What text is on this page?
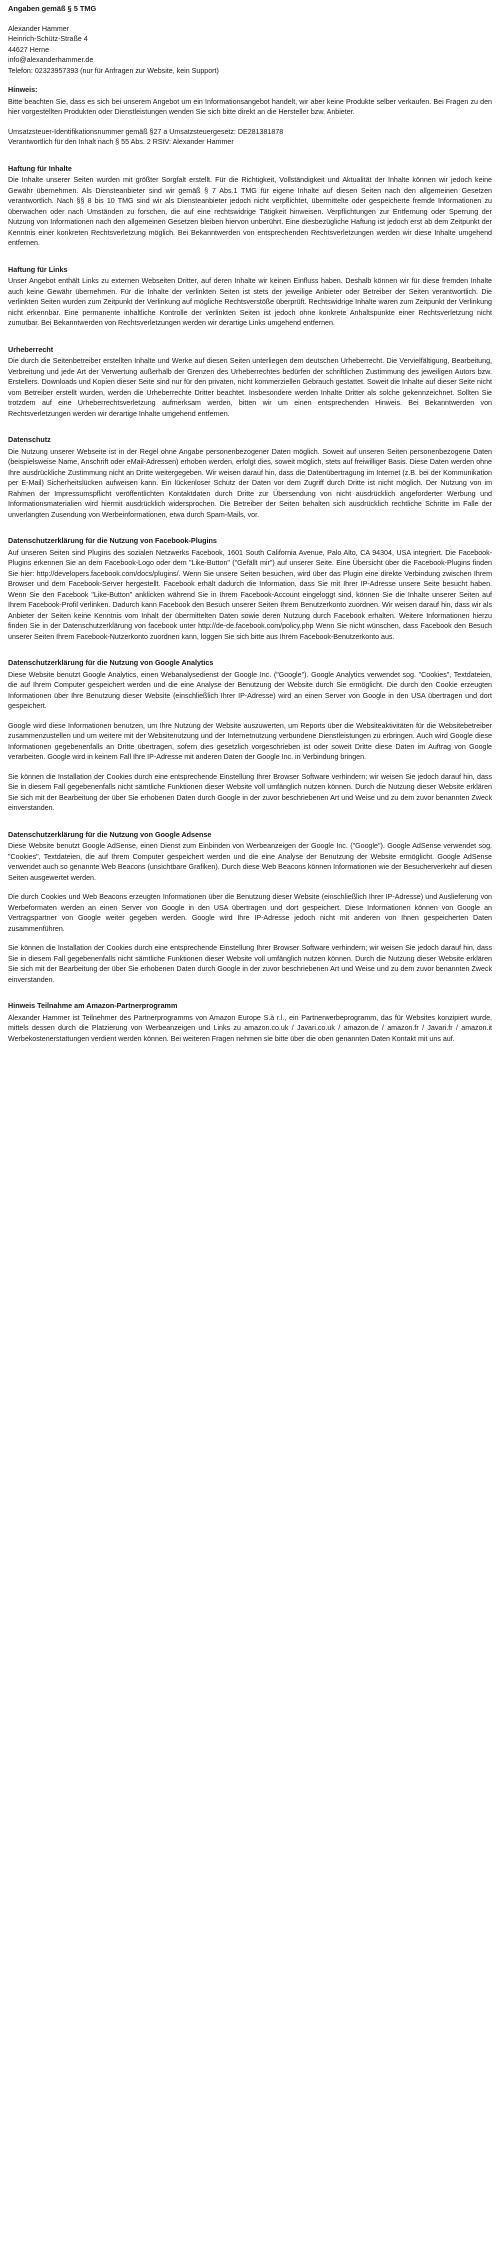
Angaben gemäß § 5 TMG
Alexander Hammer
Heinrich-Schütz-Straße 4
44627 Herne
info@alexanderhammer.de
Telefon: 02323957393 (nur für Anfragen zur Website, kein Support)
Hinweis:
Bitte beachten Sie, dass es sich bei unserem Angebot um ein Informationsangebot handelt, wir aber keine Produkte selber verkaufen. Bei Fragen zu den hier vorgestellten Produkten oder Dienstleistungen wenden Sie sich bitte direkt an die Hersteller bzw. Anbieter.
Umsatzsteuer-Identifikationsnummer gemäß §27 a Umsatzsteuergesetz: DE281381878
Verantwortlich für den Inhalt nach § 55 Abs. 2 RStV: Alexander Hammer
Haftung für Inhalte
Die Inhalte unserer Seiten wurden mit größter Sorgfalt erstellt. Für die Richtigkeit, Vollständigkeit und Aktualität der Inhalte können wir jedoch keine Gewähr übernehmen. Als Diensteanbieter sind wir gemäß § 7 Abs.1 TMG für eigene Inhalte auf diesen Seiten nach den allgemeinen Gesetzen verantwortlich. Nach §§ 8 bis 10 TMG sind wir als Diensteanbieter jedoch nicht verpflichtet, übermittelte oder gespeicherte fremde Informationen zu überwachen oder nach Umständen zu forschen, die auf eine rechtswidrige Tätigkeit hinweisen. Verpflichtungen zur Entfernung oder Sperrung der Nutzung von Informationen nach den allgemeinen Gesetzen bleiben hiervon unberührt. Eine diesbezügliche Haftung ist jedoch erst ab dem Zeitpunkt der Kenntnis einer konkreten Rechtsverletzung möglich. Bei Bekanntwerden von entsprechenden Rechtsverletzungen werden wir diese Inhalte umgehend entfernen.
Haftung für Links
Unser Angebot enthält Links zu externen Webseiten Dritter, auf deren Inhalte wir keinen Einfluss haben. Deshalb können wir für diese fremden Inhalte auch keine Gewähr übernehmen. Für die Inhalte der verlinkten Seiten ist stets der jeweilige Anbieter oder Betreiber der Seiten verantwortlich. Die verlinkten Seiten wurden zum Zeitpunkt der Verlinkung auf mögliche Rechtsverstöße überprüft. Rechtswidrige Inhalte waren zum Zeitpunkt der Verlinkung nicht erkennbar. Eine permanente inhaltliche Kontrolle der verlinkten Seiten ist jedoch ohne konkrete Anhaltspunkte einer Rechtsverletzung nicht zumutbar. Bei Bekanntwerden von Rechtsverletzungen werden wir derartige Links umgehend entfernen.
Urheberrecht
Die durch die Seitenbetreiber erstellten Inhalte und Werke auf diesen Seiten unterliegen dem deutschen Urheberrecht. Die Vervielfältigung, Bearbeitung, Verbreitung und jede Art der Verwertung außerhalb der Grenzen des Urheberrechtes bedürfen der schriftlichen Zustimmung des jeweiligen Autors bzw. Erstellers. Downloads und Kopien dieser Seite sind nur für den privaten, nicht kommerziellen Gebrauch gestattet. Soweit die Inhalte auf dieser Seite nicht vom Betreiber erstellt wurden, werden die Urheberrechte Dritter beachtet. Insbesondere werden Inhalte Dritter als solche gekennzeichnet. Sollten Sie trotzdem auf eine Urheberrechtsverletzung aufmerksam werden, bitten wir um einen entsprechenden Hinweis. Bei Bekanntwerden von Rechtsverletzungen werden wir derartige Inhalte umgehend entfernen.
Datenschutz
Die Nutzung unserer Webseite ist in der Regel ohne Angabe personenbezogener Daten möglich. Soweit auf unseren Seiten personenbezogene Daten (beispielsweise Name, Anschrift oder eMail-Adressen) erhoben werden, erfolgt dies, soweit möglich, stets auf freiwilliger Basis. Diese Daten werden ohne Ihre ausdrückliche Zustimmung nicht an Dritte weitergegeben. Wir weisen darauf hin, dass die Datenübertragung im Internet (z.B. bei der Kommunikation per E-Mail) Sicherheitslücken aufweisen kann. Ein lückenloser Schutz der Daten vor dem Zugriff durch Dritte ist nicht möglich. Der Nutzung von im Rahmen der Impressumspflicht veröffentlichten Kontaktdaten durch Dritte zur Übersendung von nicht ausdrücklich angeforderter Werbung und Informationsmaterialien wird hiermit ausdrücklich widersprochen. Die Betreiber der Seiten behalten sich ausdrücklich rechtliche Schritte im Falle der unverlangten Zusendung von Werbeinformationen, etwa durch Spam-Mails, vor.
Datenschutzerklärung für die Nutzung von Facebook-Plugins
Auf unseren Seiten sind Plugins des sozialen Netzwerks Facebook, 1601 South California Avenue, Palo Alto, CA 94304, USA integriert. Die Facebook-Plugins erkennen Sie an dem Facebook-Logo oder dem "Like-Button" ("Gefällt mir") auf unserer Seite. Eine Übersicht über die Facebook-Plugins finden Sie hier: http://developers.facebook.com/docs/plugins/. Wenn Sie unsere Seiten besuchen, wird über das Plugin eine direkte Verbindung zwischen Ihrem Browser und dem Facebook-Server hergestellt. Facebook erhält dadurch die Information, dass Sie mit Ihrer IP-Adresse unsere Seite besucht haben. Wenn Sie den Facebook "Like-Button" anklicken während Sie in Ihrem Facebook-Account eingeloggt sind, können Sie die Inhalte unserer Seiten auf Ihrem Facebook-Profil verlinken. Dadurch kann Facebook den Besuch unserer Seiten Ihrem Benutzerkonto zuordnen. Wir weisen darauf hin, dass wir als Anbieter der Seiten keine Kenntnis vom Inhalt der übermittelten Daten sowie deren Nutzung durch Facebook erhalten. Weitere Informationen hierzu finden Sie in der Datenschutzerklärung von facebook unter http://de-de.facebook.com/policy.php Wenn Sie nicht wünschen, dass Facebook den Besuch unserer Seiten Ihrem Facebook-Nutzerkonto zuordnen kann, loggen Sie sich bitte aus Ihrem Facebook-Benutzerkonto aus.
Datenschutzerklärung für die Nutzung von Google Analytics
Diese Website benutzt Google Analytics, einen Webanalysedienst der Google Inc. ("Google"). Google Analytics verwendet sog. "Cookies", Textdateien, die auf Ihrem Computer gespeichert werden und die eine Analyse der Benutzung der Website durch Sie ermöglicht. Die durch den Cookie erzeugten Informationen über Ihre Benutzung dieser Website (einschließlich Ihrer IP-Adresse) wird an einen Server von Google in den USA übertragen und dort gespeichert.
Google wird diese Informationen benutzen, um Ihre Nutzung der Website auszuwerten, um Reports über die Websiteaktivitäten für die Websitebetreiber zusammenzustellen und um weitere mit der Websitenutzung und der Internetnutzung verbundene Dienstleistungen zu erbringen. Auch wird Google diese Informationen gegebenenfalls an Dritte übertragen, sofern dies gesetzlich vorgeschrieben ist oder soweit Dritte diese Daten im Auftrag von Google verarbeiten. Google wird in keinem Fall Ihre IP-Adresse mit anderen Daten der Google Inc. in Verbindung bringen.
Sie können die Installation der Cookies durch eine entsprechende Einstellung Ihrer Browser Software verhindern; wir weisen Sie jedoch darauf hin, dass Sie in diesem Fall gegebenenfalls nicht sämtliche Funktionen dieser Website voll umfänglich nutzen können. Durch die Nutzung dieser Website erklären Sie sich mit der Bearbeitung der über Sie erhobenen Daten durch Google in der zuvor beschriebenen Art und Weise und zu dem zuvor benannten Zweck einverstanden.
Datenschutzerklärung für die Nutzung von Google Adsense
Diese Website benutzt Google AdSense, einen Dienst zum Einbinden von Werbeanzeigen der Google Inc. ("Google"). Google AdSense verwendet sog. "Cookies", Textdateien, die auf Ihrem Computer gespeichert werden und die eine Analyse der Benutzung der Website ermöglicht. Google AdSense verwendet auch so genannte Web Beacons (unsichtbare Grafiken). Durch diese Web Beacons können Informationen wie der Besucherverkehr auf diesen Seiten ausgewertet werden.
Die durch Cookies und Web Beacons erzeugten Informationen über die Benutzung dieser Website (einschließlich Ihrer IP-Adresse) und Auslieferung von Werbeformaten werden an einen Server von Google in den USA übertragen und dort gespeichert. Diese Informationen können von Google an Vertragspartner von Google weiter gegeben werden. Google wird Ihre IP-Adresse jedoch nicht mit anderen von Ihnen gespeicherten Daten zusammenführen.
Sie können die Installation der Cookies durch eine entsprechende Einstellung Ihrer Browser Software verhindern; wir weisen Sie jedoch darauf hin, dass Sie in diesem Fall gegebenenfalls nicht sämtliche Funktionen dieser Website voll umfänglich nutzen können. Durch die Nutzung dieser Website erklären Sie sich mit der Bearbeitung der über Sie erhobenen Daten durch Google in der zuvor beschriebenen Art und Weise und zu dem zuvor benannten Zweck einverstanden.
Hinweis Teilnahme am Amazon-Partnerprogramm
Alexander Hammer ist Teilnehmer des Partnerprogramms von Amazon Europe S.à r.l., ein Partnerwerbeprogramm, das für Websites konzipiert wurde, mittels dessen durch die Platzierung von Werbeanzeigen und Links zu amazon.co.uk / Javari.co.uk / amazon.de / amazon.fr / Javari.fr / amazon.it Werbekostenerstattungen verdient werden können. Bei weiteren Fragen nehmen sie bitte über die oben genannten Daten Kontakt mit uns auf.
